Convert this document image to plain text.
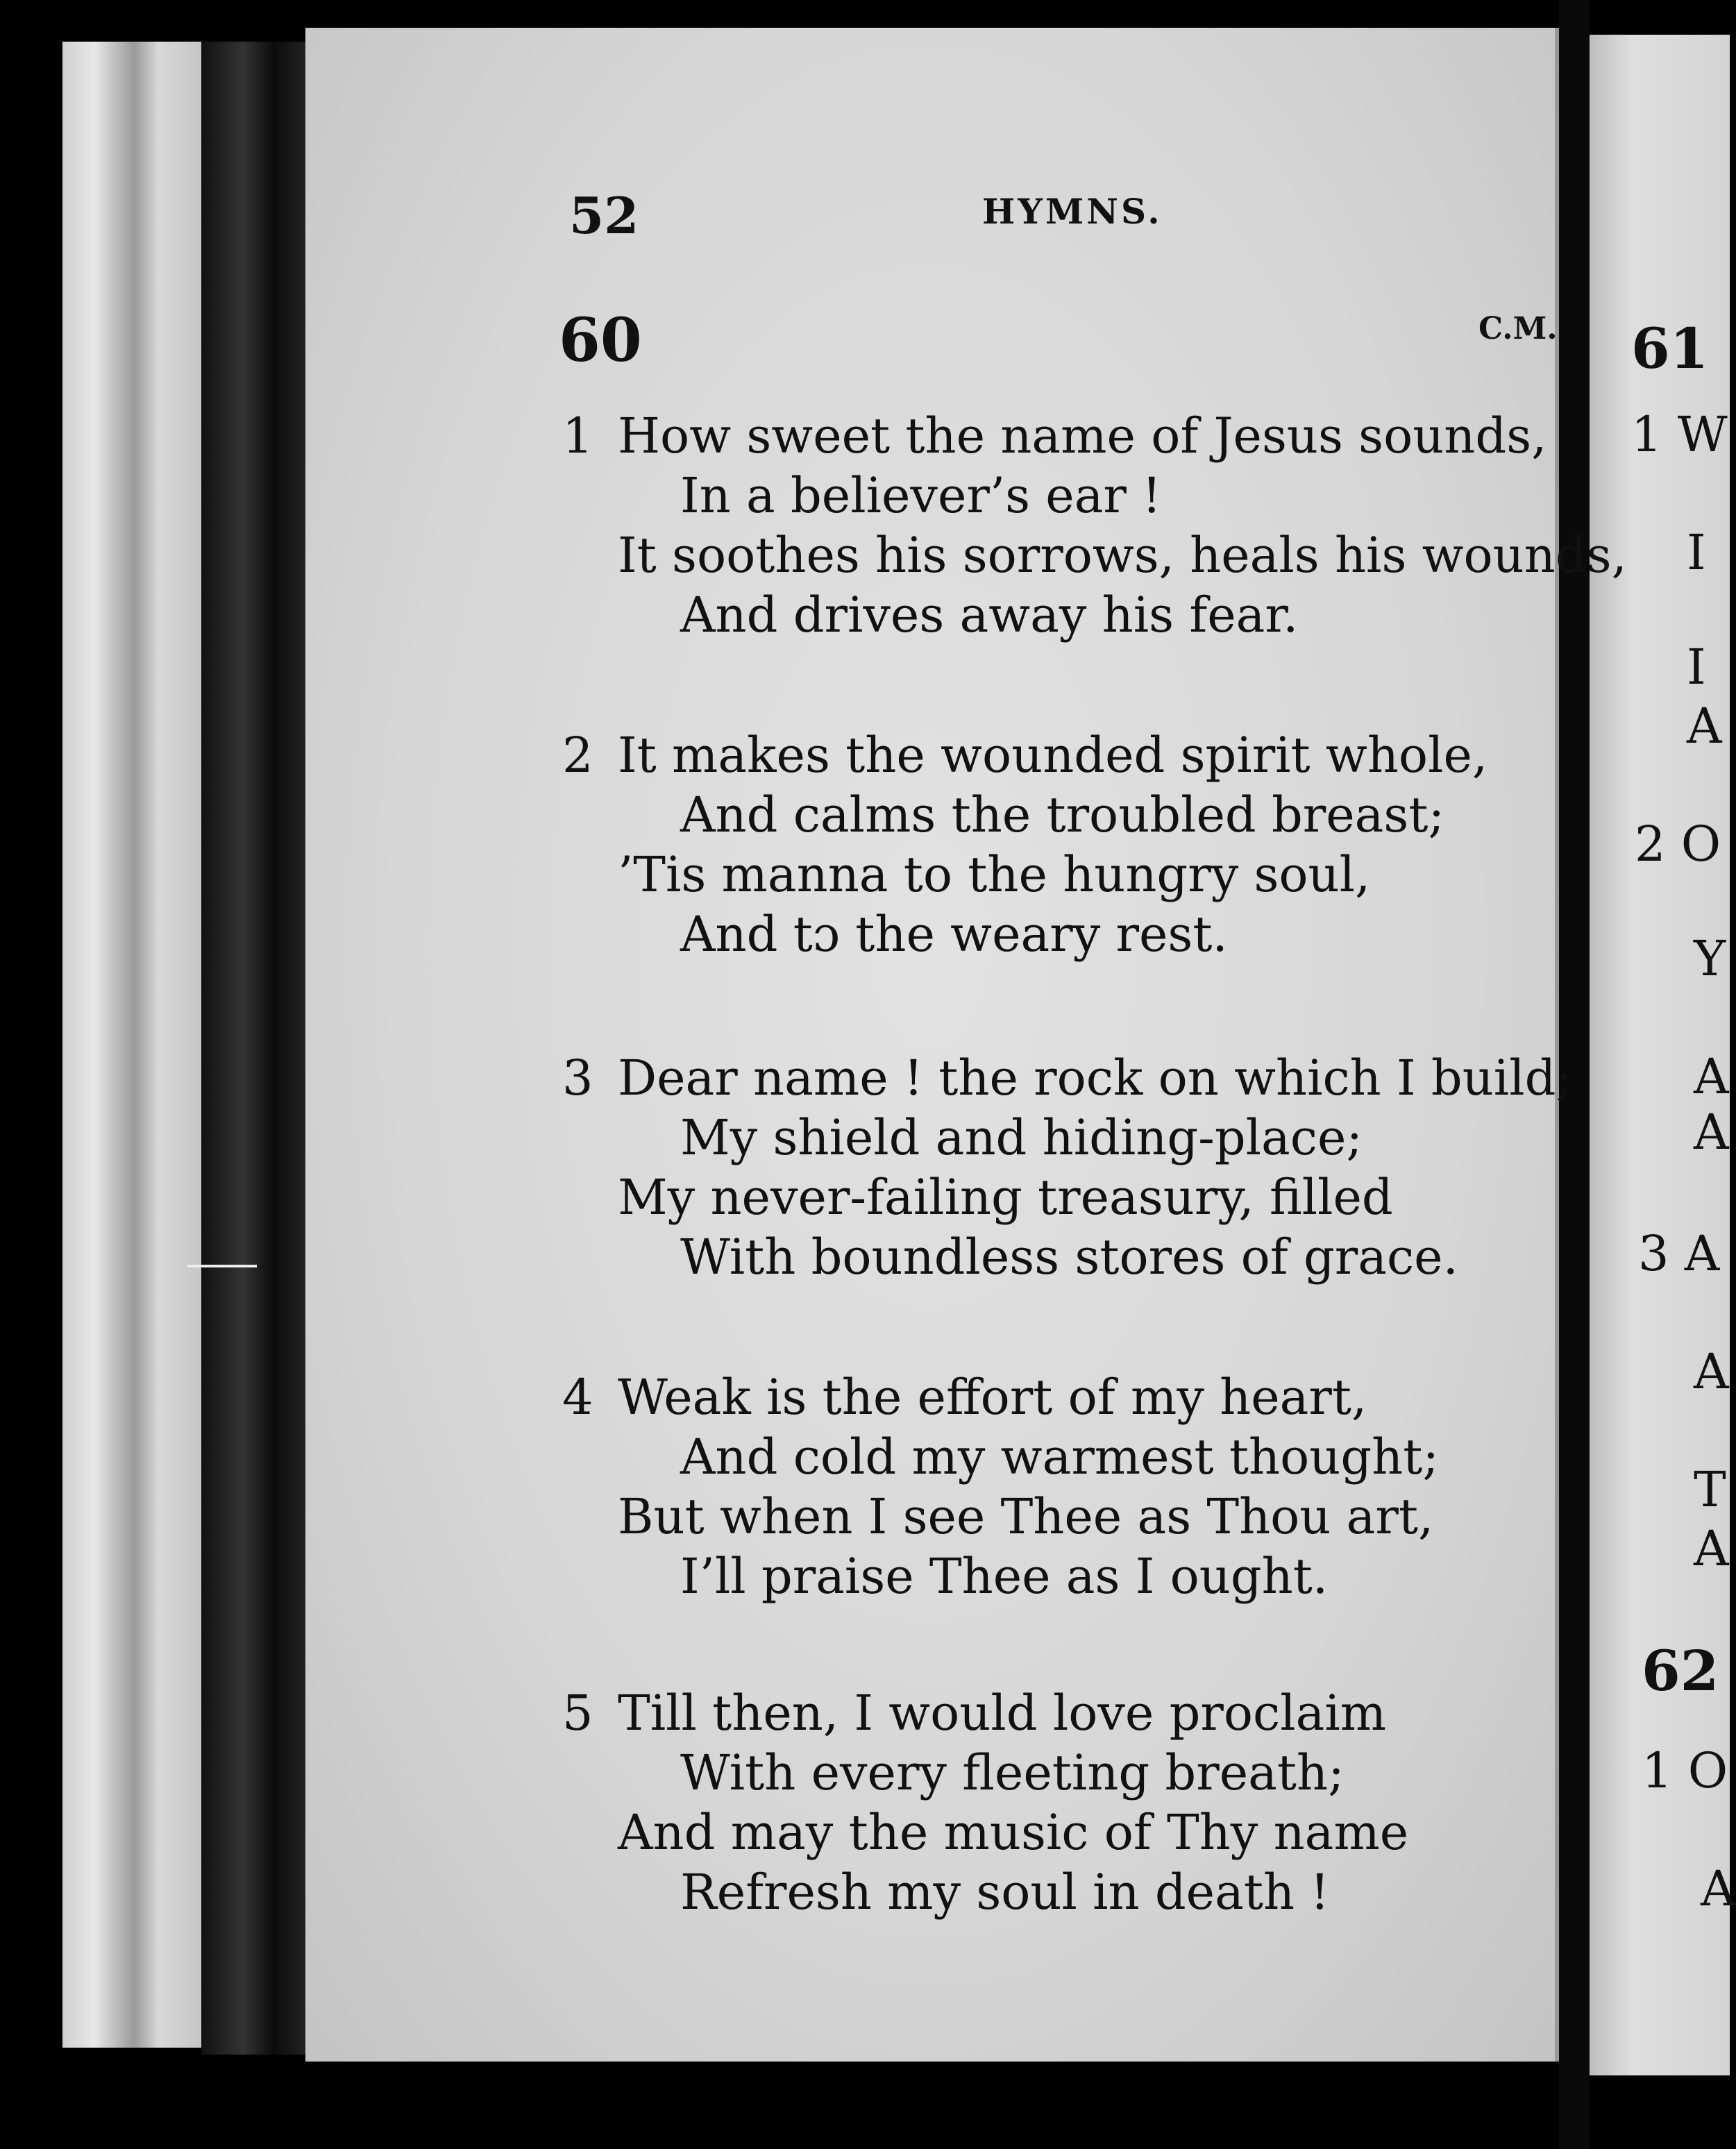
52	HYMNS.
60	C.M.
1 How sweet the name of Jesus sounds,
In a believer’s ear !
It soothes his sorrows, heals his wounds,
And drives away his fear.
2 It makes the wounded spirit whole,
And calms the troubled breast;
’Tis manna to the hungry soul,
And tɔ the weary rest.
3 Dear name ! the rock on which I build;
My shield and hiding-place;
My never-failing treasury, filled
With boundless stores of grace.
4 Weak is the effort of my heart,
And cold my warmest thought;
But when I see Thee as Thou art,
I’ll praise Thee as I ought.
5 Till then, I would love proclaim
With every fleeting breath;
And may the music of Thy name
Refresh my soul in death !
61
1 W
I
I
A
2 O
Y
A
A
3 A
A
T
A
62
1 O
A
